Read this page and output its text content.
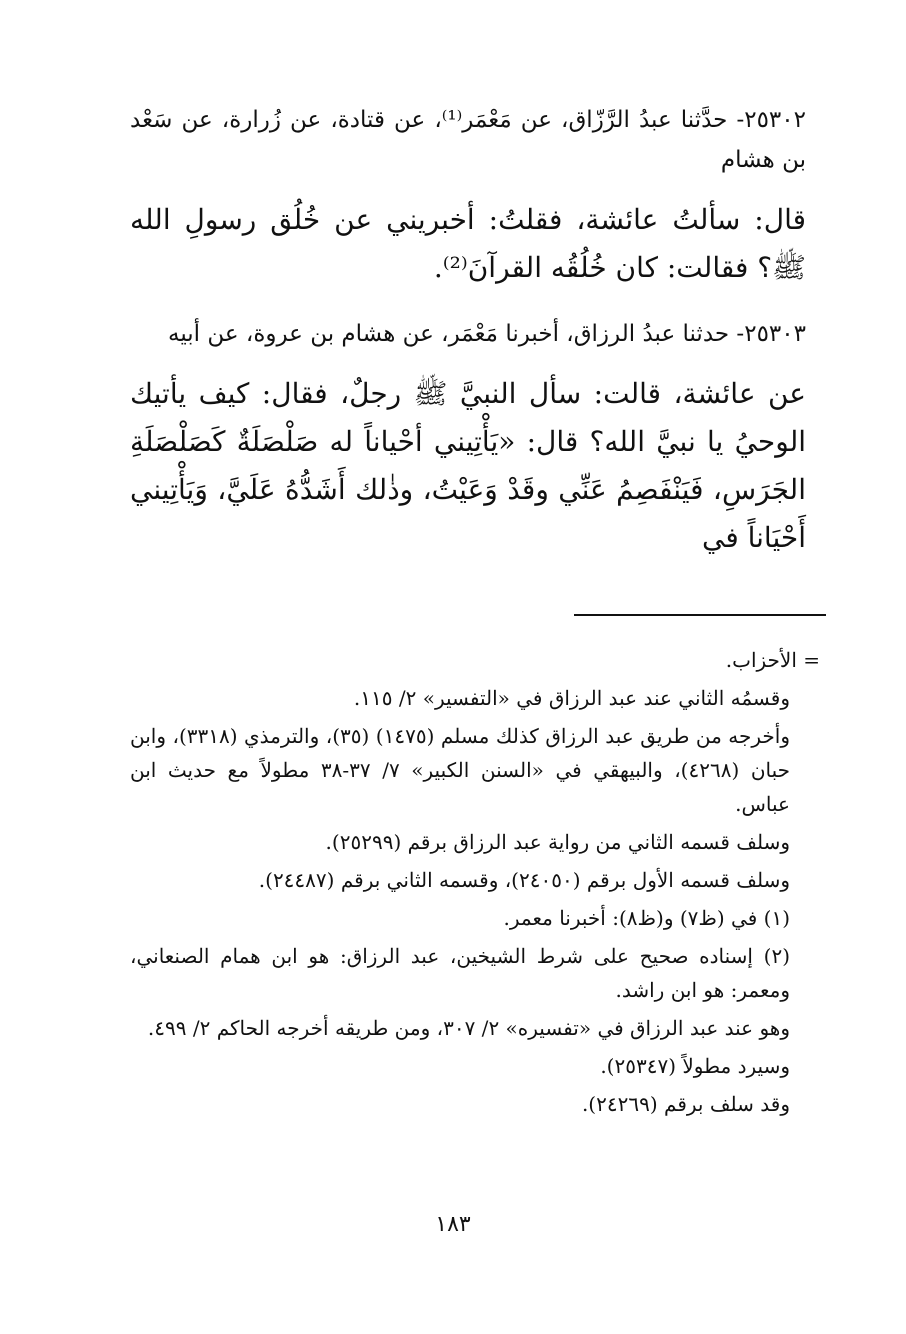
٢٥٣٠٢- حدَّثنا عبدُ الرَّزّاق، عن مَعْمَر⁽¹⁾، عن قتادة، عن زُرارة، عن سَعْد بن هشام

قال: سألتُ عائشة، فقلتُ: أخبريني عن خُلُق رسولِ الله ﷺ؟ فقالت: كان خُلُقُه القرآنَ⁽²⁾.

٢٥٣٠٣- حدثنا عبدُ الرزاق، أخبرنا مَعْمَر، عن هشام بن عروة، عن أبيه

عن عائشة، قالت: سأل النبيَّ ﷺ رجلٌ، فقال: كيف يأتيك الوحيُ يا نبيَّ الله؟ قال: «يَأْتِيني أحْياناً له صَلْصَلَةٌ كَصَلْصَلَةِ الجَرَسِ، فَيَنْفَصِمُ عَنِّي وقَدْ وَعَيْتُ، وذٰلك أَشَدُّهُ عَلَيَّ، وَيَأْتِيني أَحْيَاناً في

= الأحزاب.

وقسمُه الثاني عند عبد الرزاق في «التفسير» ٢/ ١١٥.

وأخرجه من طريق عبد الرزاق كذلك مسلم (١٤٧٥) (٣٥)، والترمذي (٣٣١٨)، وابن حبان (٤٢٦٨)، والبيهقي في «السنن الكبير» ٧/ ٣٧-٣٨ مطولاً مع حديث ابن عباس.

وسلف قسمه الثاني من رواية عبد الرزاق برقم (٢٥٢٩٩).

وسلف قسمه الأول برقم (٢٤٠٥٠)، وقسمه الثاني برقم (٢٤٤٨٧).

(١) في (ظ٧) و(ظ٨): أخبرنا معمر.

(٢) إسناده صحيح على شرط الشيخين، عبد الرزاق: هو ابن همام الصنعاني، ومعمر: هو ابن راشد.

وهو عند عبد الرزاق في «تفسيره» ٢/ ٣٠٧، ومن طريقه أخرجه الحاكم ٢/ ٤٩٩.

وسيرد مطولاً (٢٥٣٤٧).

وقد سلف برقم (٢٤٢٦٩).

١٨٣
